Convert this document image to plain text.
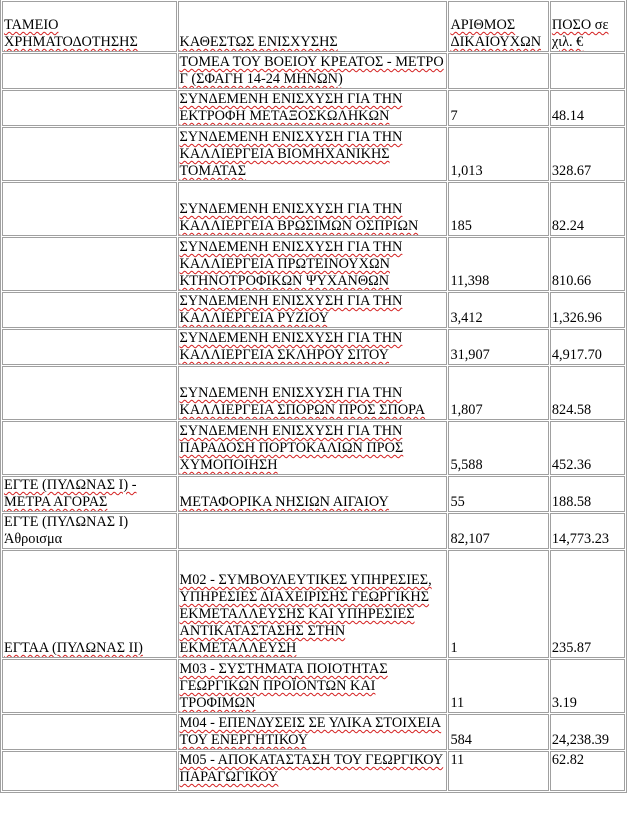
ΤΑΜΕΙΟ ΧΡΗΜΑΤΟΔΟΤΗΣΗΣ	ΚΑΘΕΣΤΩΣ ΕΝΙΣΧΥΣΗΣ	ΑΡΙΘΜΟΣ ΔΙΚΑΙΟΥΧΩΝ	ΠΟΣΟ σε χιλ. €
	ΤΟΜΕΑ ΤΟΥ ΒΟΕΙΟΥ ΚΡΕΑΤΟΣ - ΜΕΤΡΟ Γ (ΣΦΑΓΗ 14-24 ΜΗΝΩΝ)		
	ΣΥΝΔΕΜΕΝΗ ΕΝΙΣΧΥΣΗ ΓΙΑ ΤΗΝ ΕΚΤΡΟΦΗ ΜΕΤΑΞΟΣΚΩΛΗΚΩΝ	7	48.14
	ΣΥΝΔΕΜΕΝΗ ΕΝΙΣΧΥΣΗ ΓΙΑ ΤΗΝ ΚΑΛΛΙΕΡΓΕΙΑ ΒΙΟΜΗΧΑΝΙΚΗΣ ΤΟΜΑΤΑΣ	1,013	328.67
	ΣΥΝΔΕΜΕΝΗ ΕΝΙΣΧΥΣΗ ΓΙΑ ΤΗΝ ΚΑΛΛΙΕΡΓΕΙΑ ΒΡΩΣΙΜΩΝ ΟΣΠΡΙΩΝ	185	82.24
	ΣΥΝΔΕΜΕΝΗ ΕΝΙΣΧΥΣΗ ΓΙΑ ΤΗΝ ΚΑΛΛΙΕΡΓΕΙΑ ΠΡΩΤΕΙΝΟΥΧΩΝ ΚΤΗΝΟΤΡΟΦΙΚΩΝ ΨΥΧΑΝΘΩΝ	11,398	810.66
	ΣΥΝΔΕΜΕΝΗ ΕΝΙΣΧΥΣΗ ΓΙΑ ΤΗΝ ΚΑΛΛΙΕΡΓΕΙΑ ΡΥΖΙΟΥ	3,412	1,326.96
	ΣΥΝΔΕΜΕΝΗ ΕΝΙΣΧΥΣΗ ΓΙΑ ΤΗΝ ΚΑΛΛΙΕΡΓΕΙΑ ΣΚΛΗΡΟΥ ΣΙΤΟΥ	31,907	4,917.70
	ΣΥΝΔΕΜΕΝΗ ΕΝΙΣΧΥΣΗ ΓΙΑ ΤΗΝ ΚΑΛΛΙΕΡΓΕΙΑ ΣΠΟΡΩΝ ΠΡΟΣ ΣΠΟΡΑ	1,807	824.58
	ΣΥΝΔΕΜΕΝΗ ΕΝΙΣΧΥΣΗ ΓΙΑ ΤΗΝ ΠΑΡΑΔΟΣΗ ΠΟΡΤΟΚΑΛΙΩΝ ΠΡΟΣ ΧΥΜΟΠΟΙΗΣΗ	5,588	452.36
ΕΓΤΕ (ΠΥΛΩΝΑΣ Ι) - ΜΕΤΡΑ ΑΓΟΡΑΣ	ΜΕΤΑΦΟΡΙΚΑ ΝΗΣΙΩΝ ΑΙΓΑΙΟΥ	55	188.58
ΕΓΤΕ (ΠΥΛΩΝΑΣ Ι) Άθροισμα		82,107	14,773.23
ΕΓΤΑΑ (ΠΥΛΩΝΑΣ ΙΙ)	Μ02 - ΣΥΜΒΟΥΛΕΥΤΙΚΕΣ ΥΠΗΡΕΣΙΕΣ, ΥΠΗΡΕΣΙΕΣ ΔΙΑΧΕΙΡΙΣΗΣ ΓΕΩΡΓΙΚΗΣ ΕΚΜΕΤΑΛΛΕΥΣΗΣ ΚΑΙ ΥΠΗΡΕΣΙΕΣ ΑΝΤΙΚΑΤΑΣΤΑΣΗΣ ΣΤΗΝ ΕΚΜΕΤΑΛΛΕΥΣΗ	1	235.87
	Μ03 - ΣΥΣΤΗΜΑΤΑ ΠΟΙΟΤΗΤΑΣ ΓΕΩΡΓΙΚΩΝ ΠΡΟΪΟΝΤΩΝ ΚΑΙ ΤΡΟΦΙΜΩΝ	11	3.19
	Μ04 - ΕΠΕΝΔΥΣΕΙΣ ΣΕ ΥΛΙΚΑ ΣΤΟΙΧΕΙΑ ΤΟΥ ΕΝΕΡΓΗΤΙΚΟΥ	584	24,238.39
	Μ05 - ΑΠΟΚΑΤΑΣΤΑΣΗ ΤΟΥ ΓΕΩΡΓΙΚΟΥ ΠΑΡΑΓΩΓΙΚΟΥ	11	62.82
